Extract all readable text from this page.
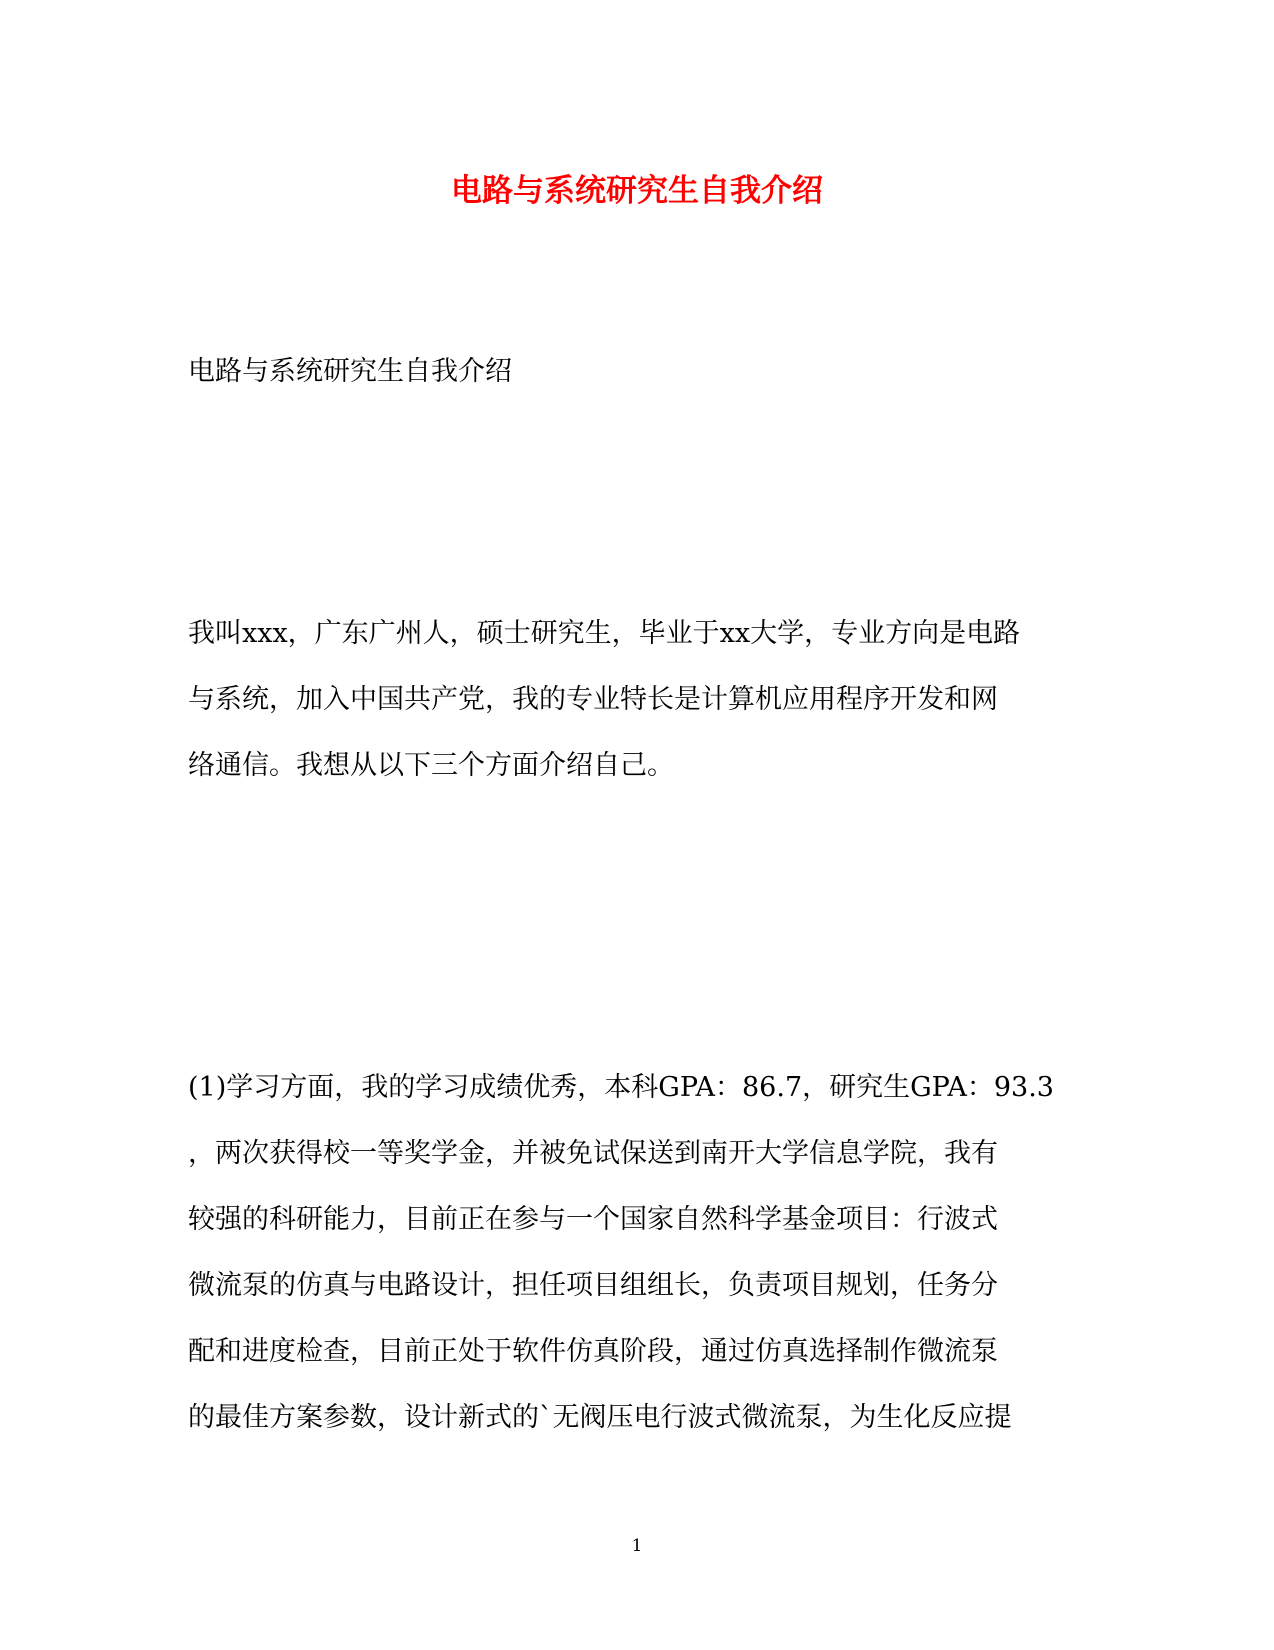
电路与系统研究生自我介绍

电路与系统研究生自我介绍

我叫xxx，广东广州人，硕士研究生，毕业于xx大学，专业方向是电路
与系统，加入中国共产党，我的专业特长是计算机应用程序开发和网
络通信。我想从以下三个方面介绍自己。
(1)学习方面，我的学习成绩优秀，本科GPA：86.7，研究生GPA：93.3
，两次获得校一等奖学金，并被免试保送到南开大学信息学院，我有
较强的科研能力，目前正在参与一个国家自然科学基金项目：行波式
微流泵的仿真与电路设计，担任项目组组长，负责项目规划，任务分
配和进度检查，目前正处于软件仿真阶段，通过仿真选择制作微流泵
的最佳方案参数，设计新式的`无阀压电行波式微流泵，为生化反应提
1
